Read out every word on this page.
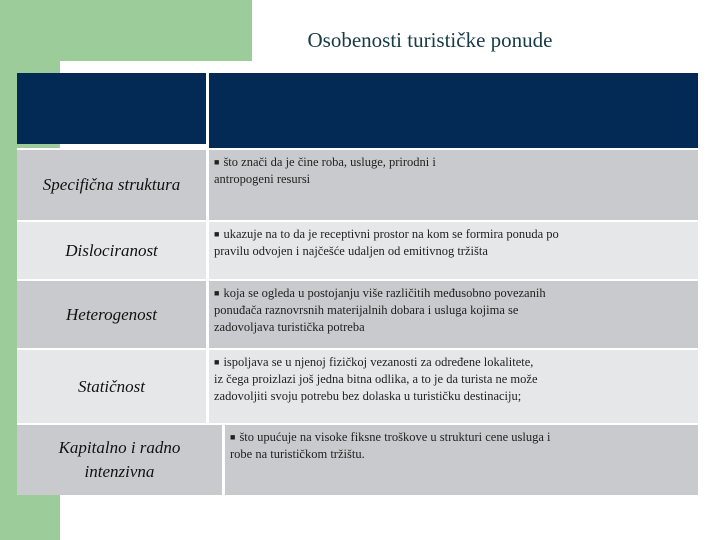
Osobenosti turističke ponude
Specifična struktura
■ što znači da je čine roba, usluge, prirodni i
antropogeni resursi
Dislociranost
■ ukazuje na to da je receptivni prostor na kom se formira ponuda po
pravilu odvojen i najčešće udaljen od emitivnog tržišta
Heterogenost
■ koja se ogleda u postojanju više različitih međusobno povezanih
ponuđača raznovrsnih materijalnih dobara i usluga kojima se
zadovoljava turistička potreba
Statičnost
■ ispoljava se u njenoj fizičkoj vezanosti za određene lokalitete,
iz čega proizlazi još jedna bitna odlika, a to je da turista ne može
zadovoljiti svoju potrebu bez dolaska u turističku destinaciju;
Kapitalno i radno intenzivna
■ što upućuje na visoke fiksne troškove u strukturi cene usluga i
robe na turističkom tržištu.
